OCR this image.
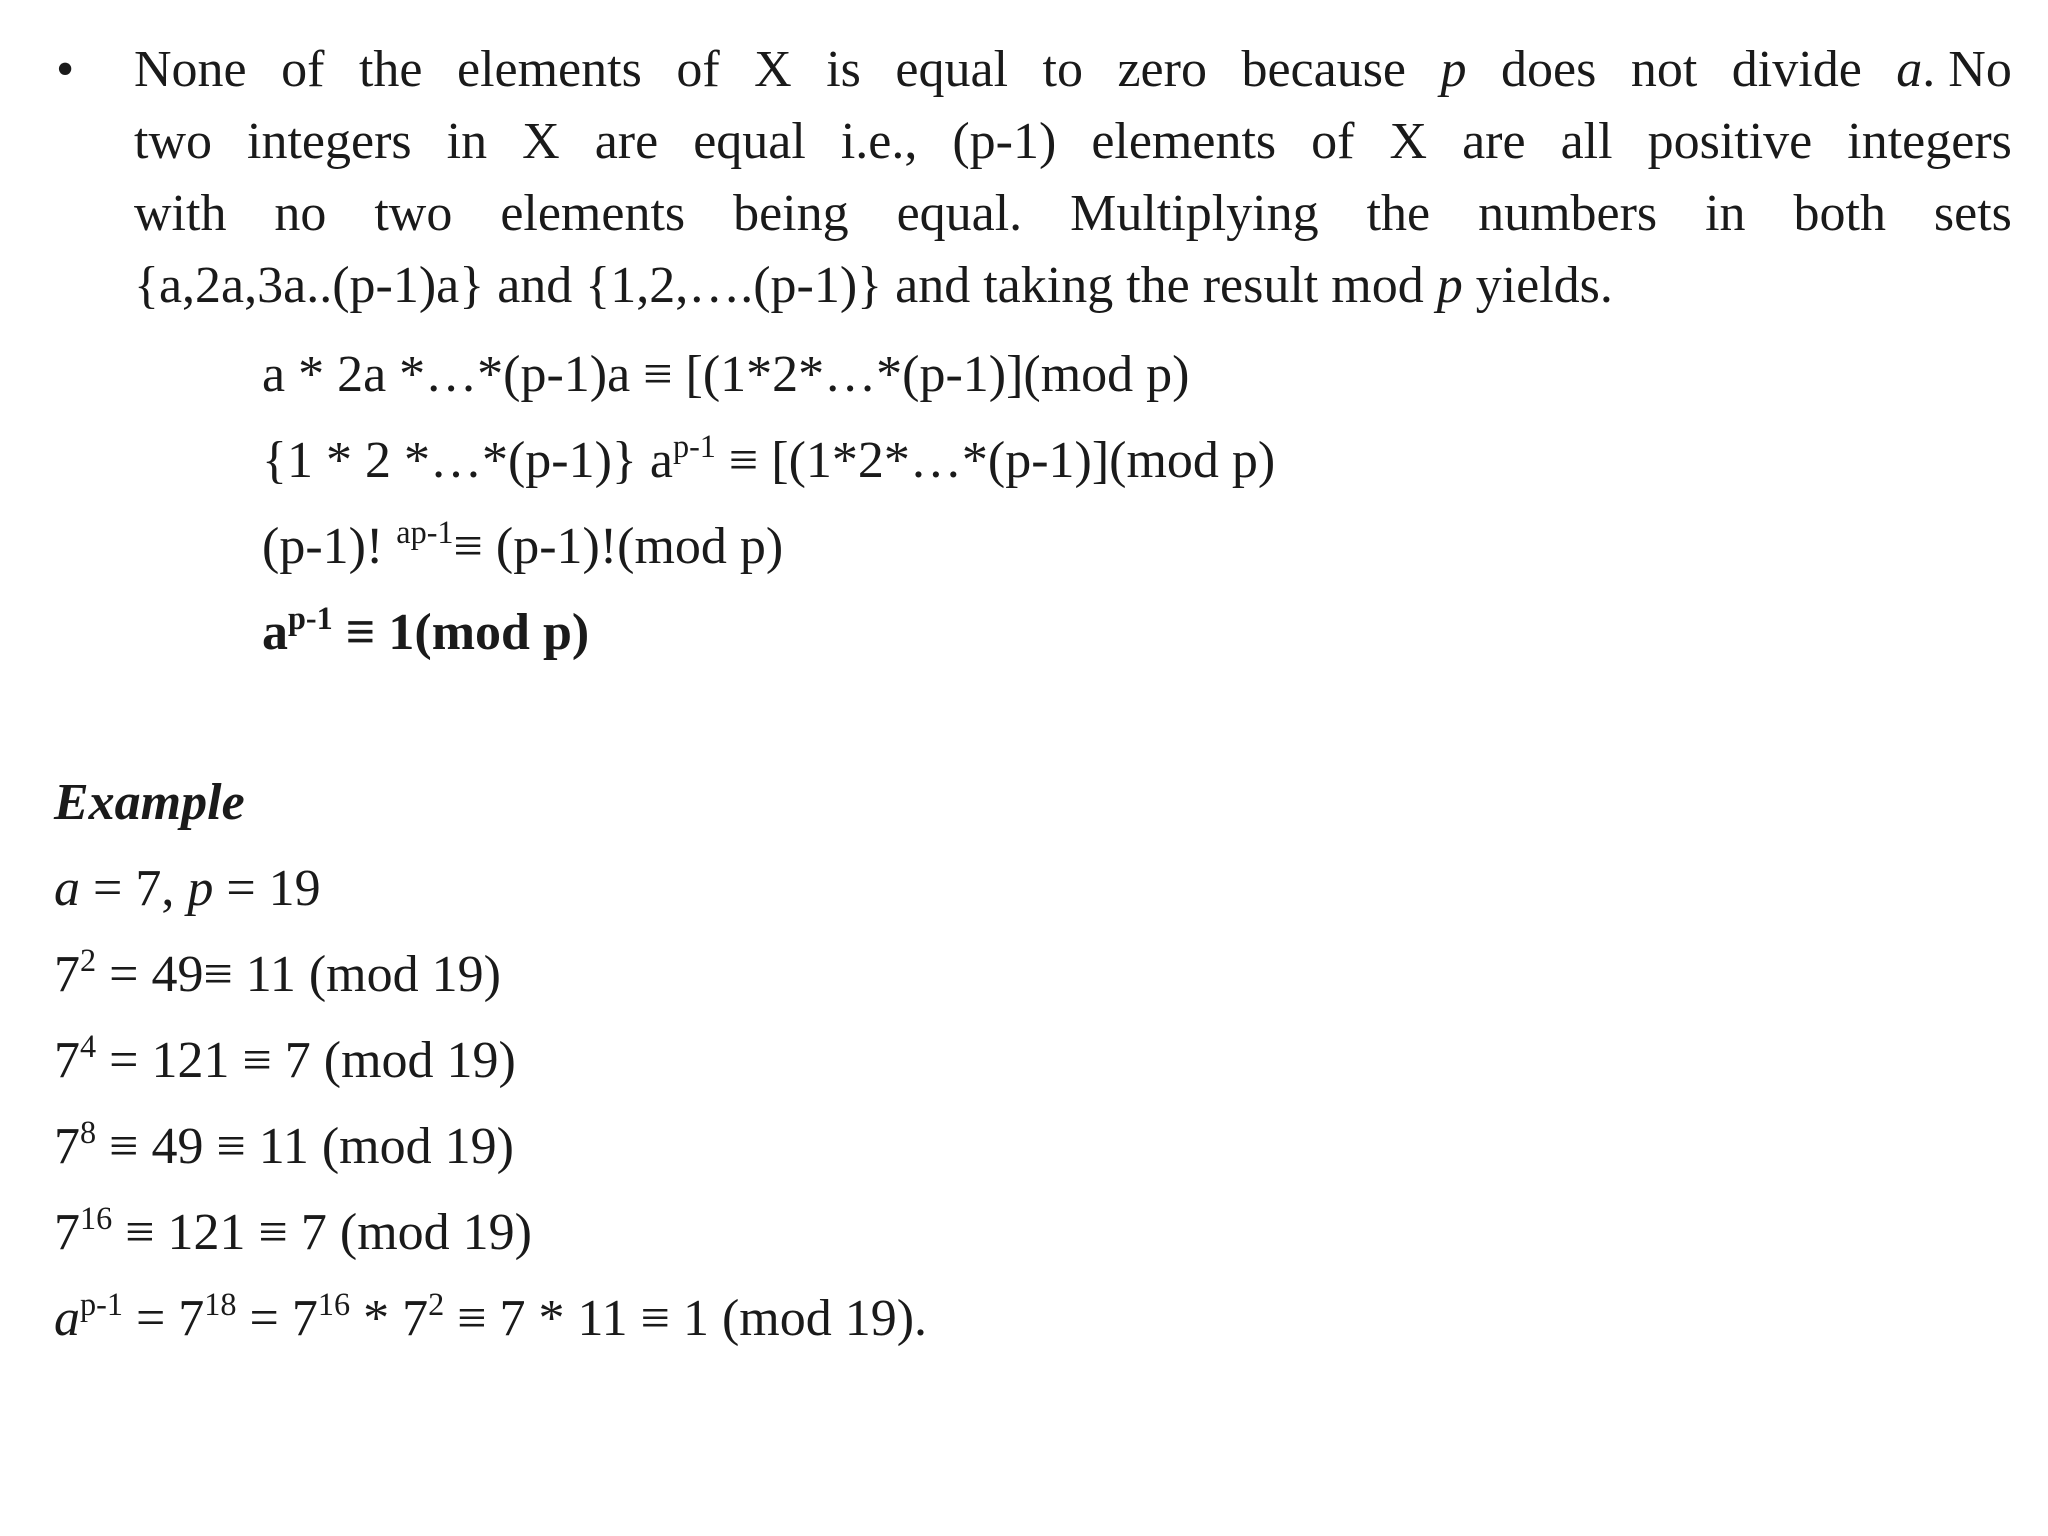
• None of the elements of X is equal to zero because p does not divide a. No
two integers in X are equal i.e., (p-1) elements of X are all positive integers
with no two elements being equal. Multiplying the numbers in both sets
{a,2a,3a..(p-1)a} and {1,2,….(p-1)} and taking the result mod p yields.
a * 2a *…*(p-1)a ≡ [(1*2*…*(p-1)](mod p)
{1 * 2 *…*(p-1)} $a^{p-1}$ ≡ [(1*2*…*(p-1)](mod p)
(p-1)! $^{ap-1}$≡ (p-1)!(mod p)
$a^{p-1} \equiv 1(mod$ p)
Example
a = 7, p = 19
$7^2 = 49\equiv 11$ (mod 19)
$7^4 = 121 \equiv 7$ (mod 19)
$7^8 \equiv 49 \equiv 11$ (mod 19)
$7^{16} \equiv 121 \equiv 7$ (mod 19)
$a^{p-1} = 7^{18} = 7^{16} * 7^2 \equiv 7 * 11 \equiv 1$ (mod 19).
